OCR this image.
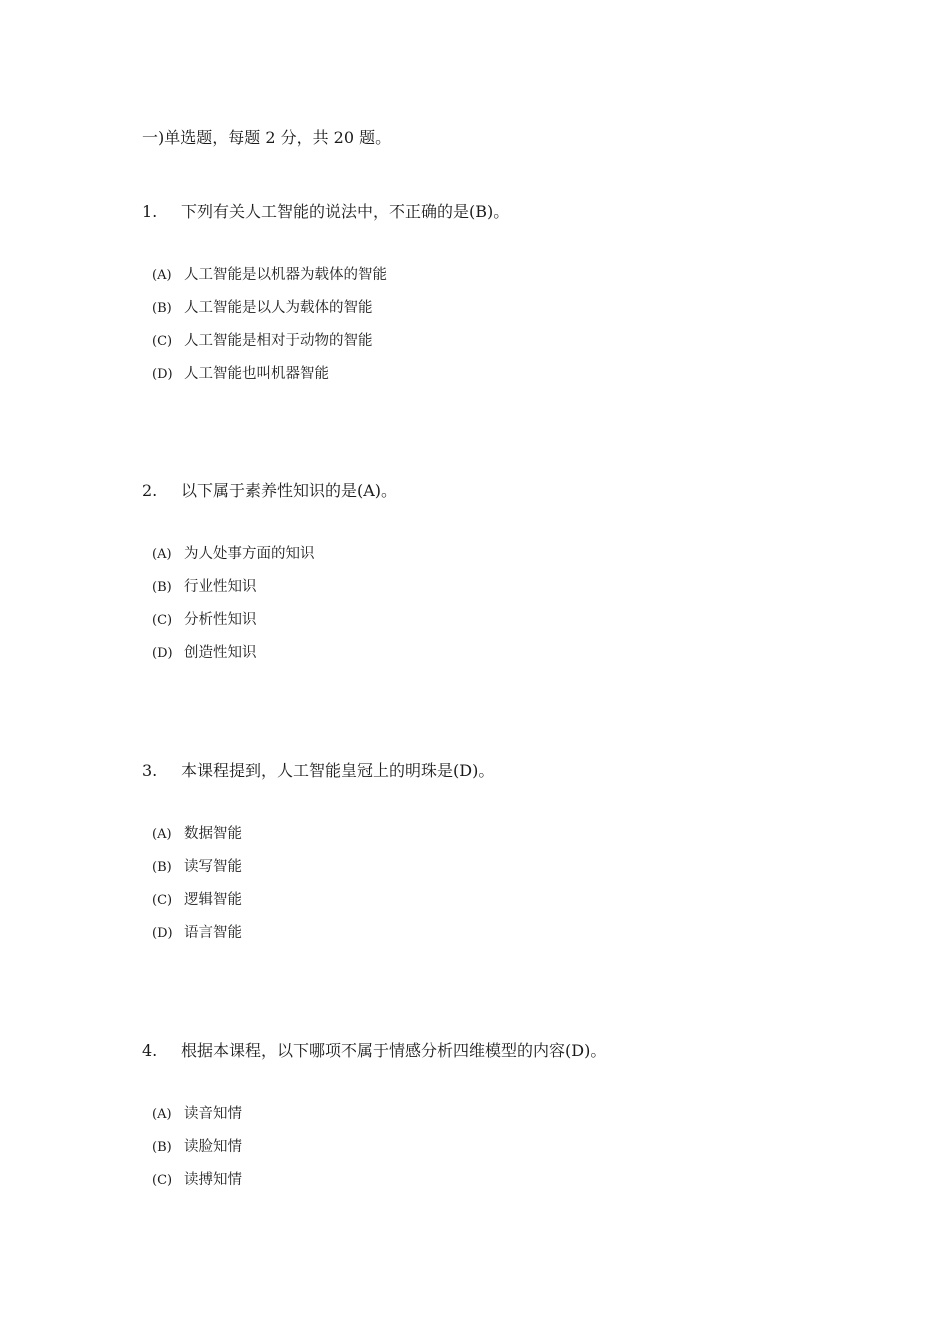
一)单选题，每题 2 分，共 20 题。
1. 下列有关人工智能的说法中，不正确的是(B)。
(A) 人工智能是以机器为载体的智能
(B) 人工智能是以人为载体的智能
(C) 人工智能是相对于动物的智能
(D) 人工智能也叫机器智能
2. 以下属于素养性知识的是(A)。
(A) 为人处事方面的知识
(B) 行业性知识
(C) 分析性知识
(D) 创造性知识
3. 本课程提到，人工智能皇冠上的明珠是(D)。
(A) 数据智能
(B) 读写智能
(C) 逻辑智能
(D) 语言智能
4. 根据本课程，以下哪项不属于情感分析四维模型的内容(D)。
(A) 读音知情
(B) 读脸知情
(C) 读搏知情
